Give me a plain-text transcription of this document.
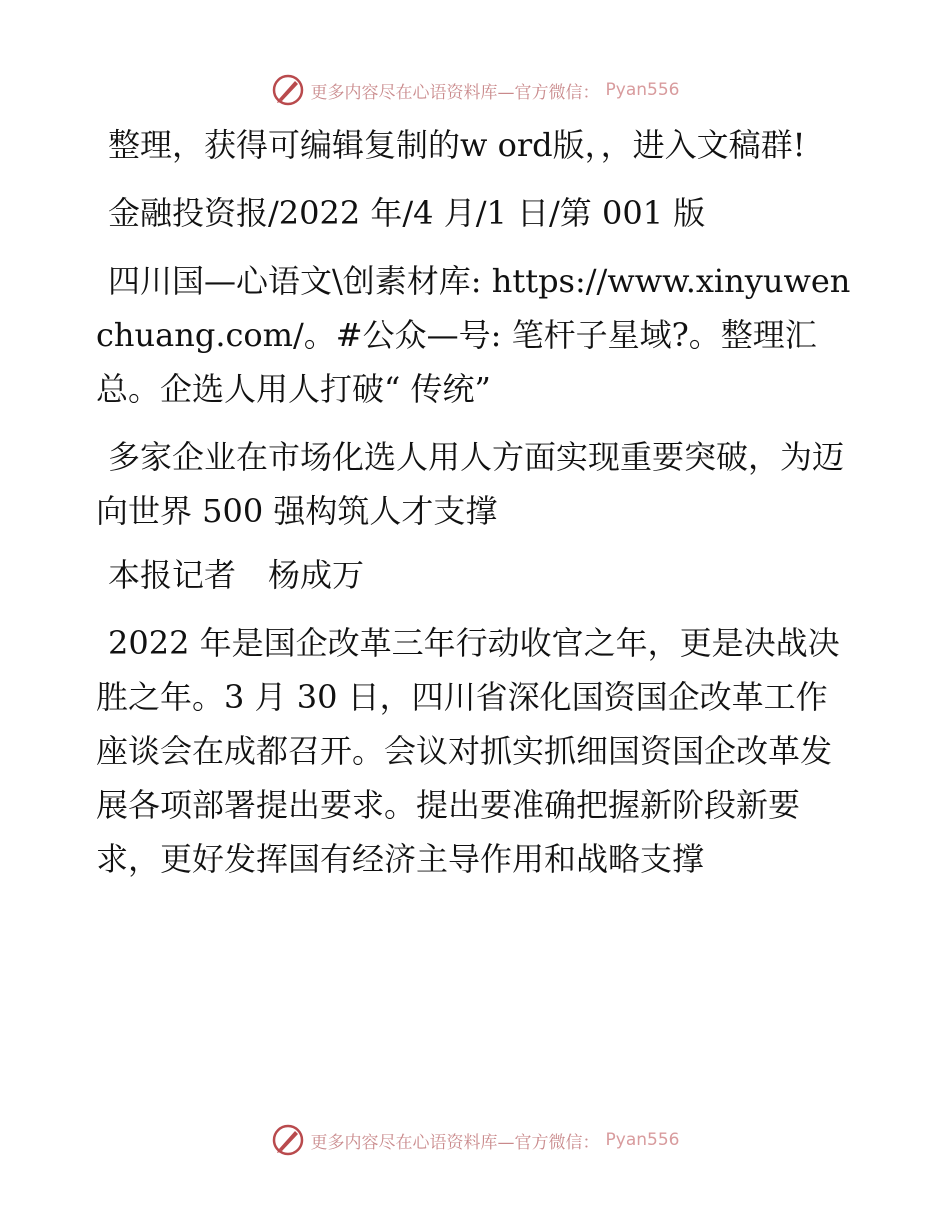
更多内容尽在心语资料库—官方微信： Pyan556

整理，获得可编辑复制的w ord版，，进入文稿群!

金融投资报/2022 年/4 月/1 日/第 001 版

四川国—心语文\创素材库: https://www.xinyuwenchuang.com/。#公众—号: 笔杆子星域?。整理汇总。企选人用人打破“ 传统”

多家企业在市场化选人用人方面实现重要突破，为迈向世界 500 强构筑人才支撑

本报记者　杨成万

2022 年是国企改革三年行动收官之年，更是决战决胜之年。3 月 30 日，四川省深化国资国企改革工作座谈会在成都召开。会议对抓实抓细国资国企改革发展各项部署提出要求。提出要准确把握新阶段新要求，更好发挥国有经济主导作用和战略支撑

更多内容尽在心语资料库—官方微信： Pyan556
